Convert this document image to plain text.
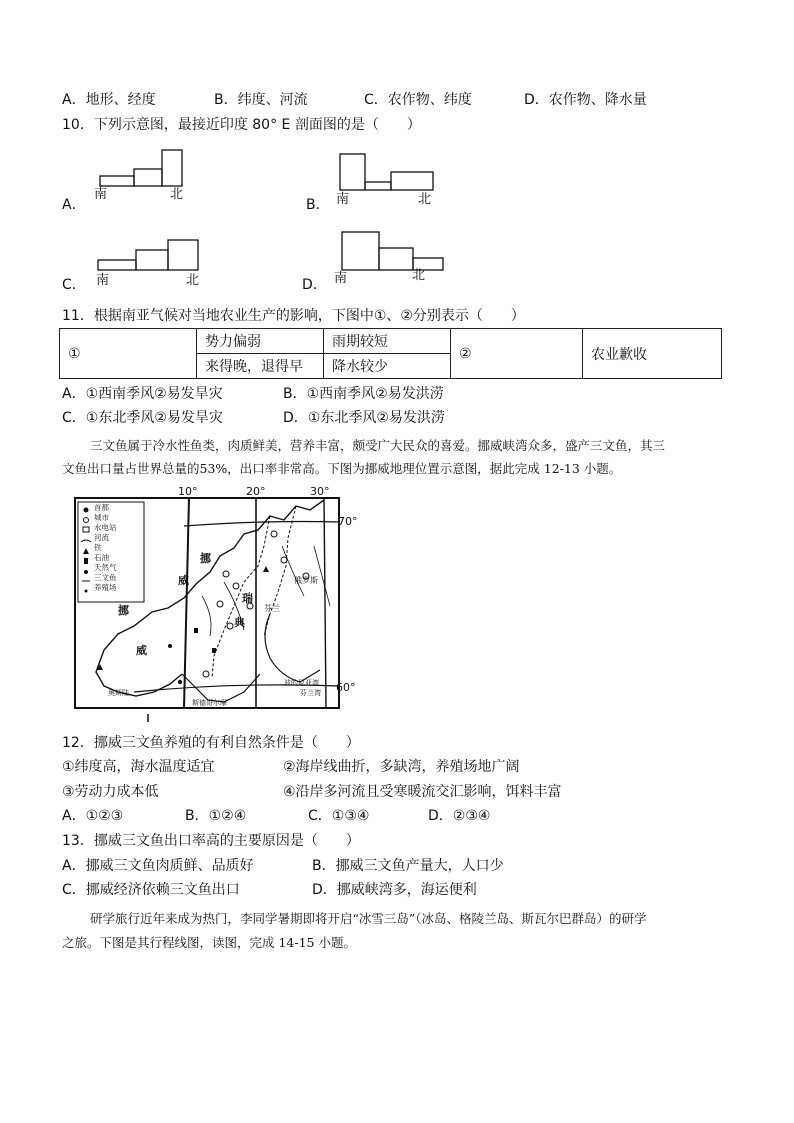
A．地形、经度	B．纬度、河流	C．农作物、纬度	D．农作物、降水量
10．下列示意图，最接近印度 80° E 剖面图的是（　　）
A．
南	北
B． 南	北
C． 南	北	D． 南	北
11．根据南亚气候对当地农业生产的影响，下图中①、②分别表示（　　）
①	势力偏弱	雨期较短	②	农业歉收
	来得晚，退得早	降水较少		
A．①西南季风②易发旱灾	B．①西南季风②易发洪涝
C．①东北季风②易发旱灾	D．①东北季风②易发洪涝
三文鱼属于冷水性鱼类，肉质鲜美，营养丰富，颇受广大民众的喜爱。挪威峡湾众多，盛产三文鱼，其三
文鱼出口量占世界总量的53%，出口率非常高。下图为挪威地理位置示意图，据此完成 12-13 小题。
10°	20°	30°
70°
60°
首都
城市
水电站
河流
铁
石油
天然气
三文鱼
养殖场
挪
威
挪
威
瑞
典
芬兰
俄罗斯
波的尼亚湾
芬兰湾
奥斯陆
斯德哥尔摩
12．挪威三文鱼养殖的有利自然条件是（　　）
①纬度高，海水温度适宜	②海岸线曲折，多缺湾，养殖场地广阔
③劳动力成本低	④沿岸多河流且受寒暖流交汇影响，饵料丰富
A．①②③	B．①②④	C．①③④	D．②③④
13．挪威三文鱼出口率高的主要原因是（　　）
A．挪威三文鱼肉质鲜、品质好	B．挪威三文鱼产量大，人口少
C．挪威经济依赖三文鱼出口	D．挪威峡湾多，海运便利
研学旅行近年来成为热门，李同学暑期即将开启“冰雪三岛”（冰岛、格陵兰岛、斯瓦尔巴群岛）的研学
之旅。下图是其行程线图，读图，完成 14-15 小题。
